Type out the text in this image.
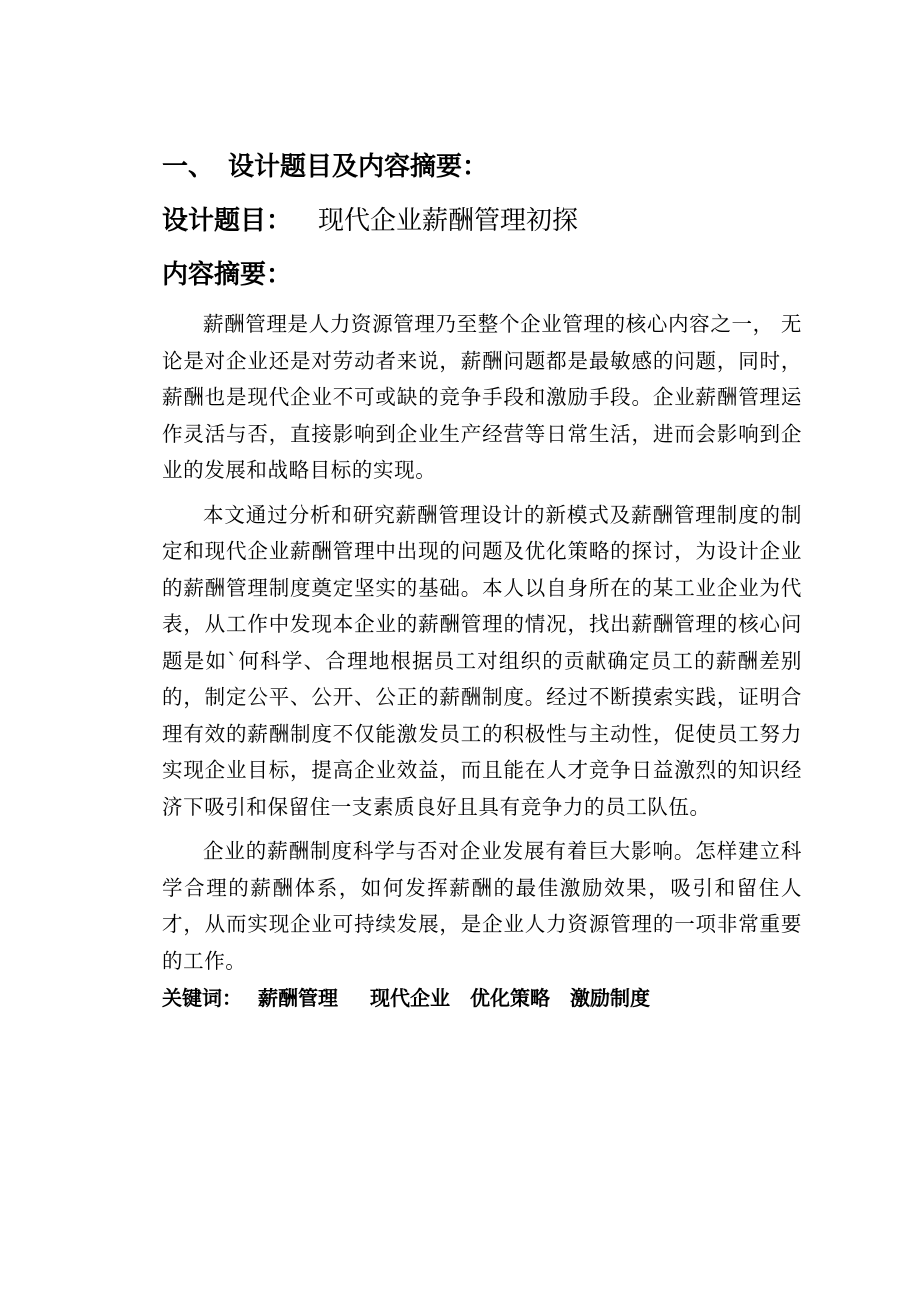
一、 设计题目及内容摘要：
设计题目： 现代企业薪酬管理初探
内容摘要：

薪酬管理是人力资源管理乃至整个企业管理的核心内容之一， 无论是对企业还是对劳动者来说，薪酬问题都是最敏感的问题，同时，薪酬也是现代企业不可或缺的竞争手段和激励手段。企业薪酬管理运作灵活与否，直接影响到企业生产经营等日常生活，进而会影响到企业的发展和战略目标的实现。

本文通过分析和研究薪酬管理设计的新模式及薪酬管理制度的制定和现代企业薪酬管理中出现的问题及优化策略的探讨，为设计企业的薪酬管理制度奠定坚实的基础。本人以自身所在的某工业企业为代表，从工作中发现本企业的薪酬管理的情况，找出薪酬管理的核心问题是如`何科学、合理地根据员工对组织的贡献确定员工的薪酬差别的，制定公平、公开、公正的薪酬制度。经过不断摸索实践，证明合理有效的薪酬制度不仅能激发员工的积极性与主动性，促使员工努力实现企业目标，提高企业效益，而且能在人才竞争日益激烈的知识经济下吸引和保留住一支素质良好且具有竞争力的员工队伍。

企业的薪酬制度科学与否对企业发展有着巨大影响。怎样建立科学合理的薪酬体系，如何发挥薪酬的最佳激励效果，吸引和留住人才，从而实现企业可持续发展，是企业人力资源管理的一项非常重要的工作。

关键词： 薪酬管理 现代企业 优化策略 激励制度
